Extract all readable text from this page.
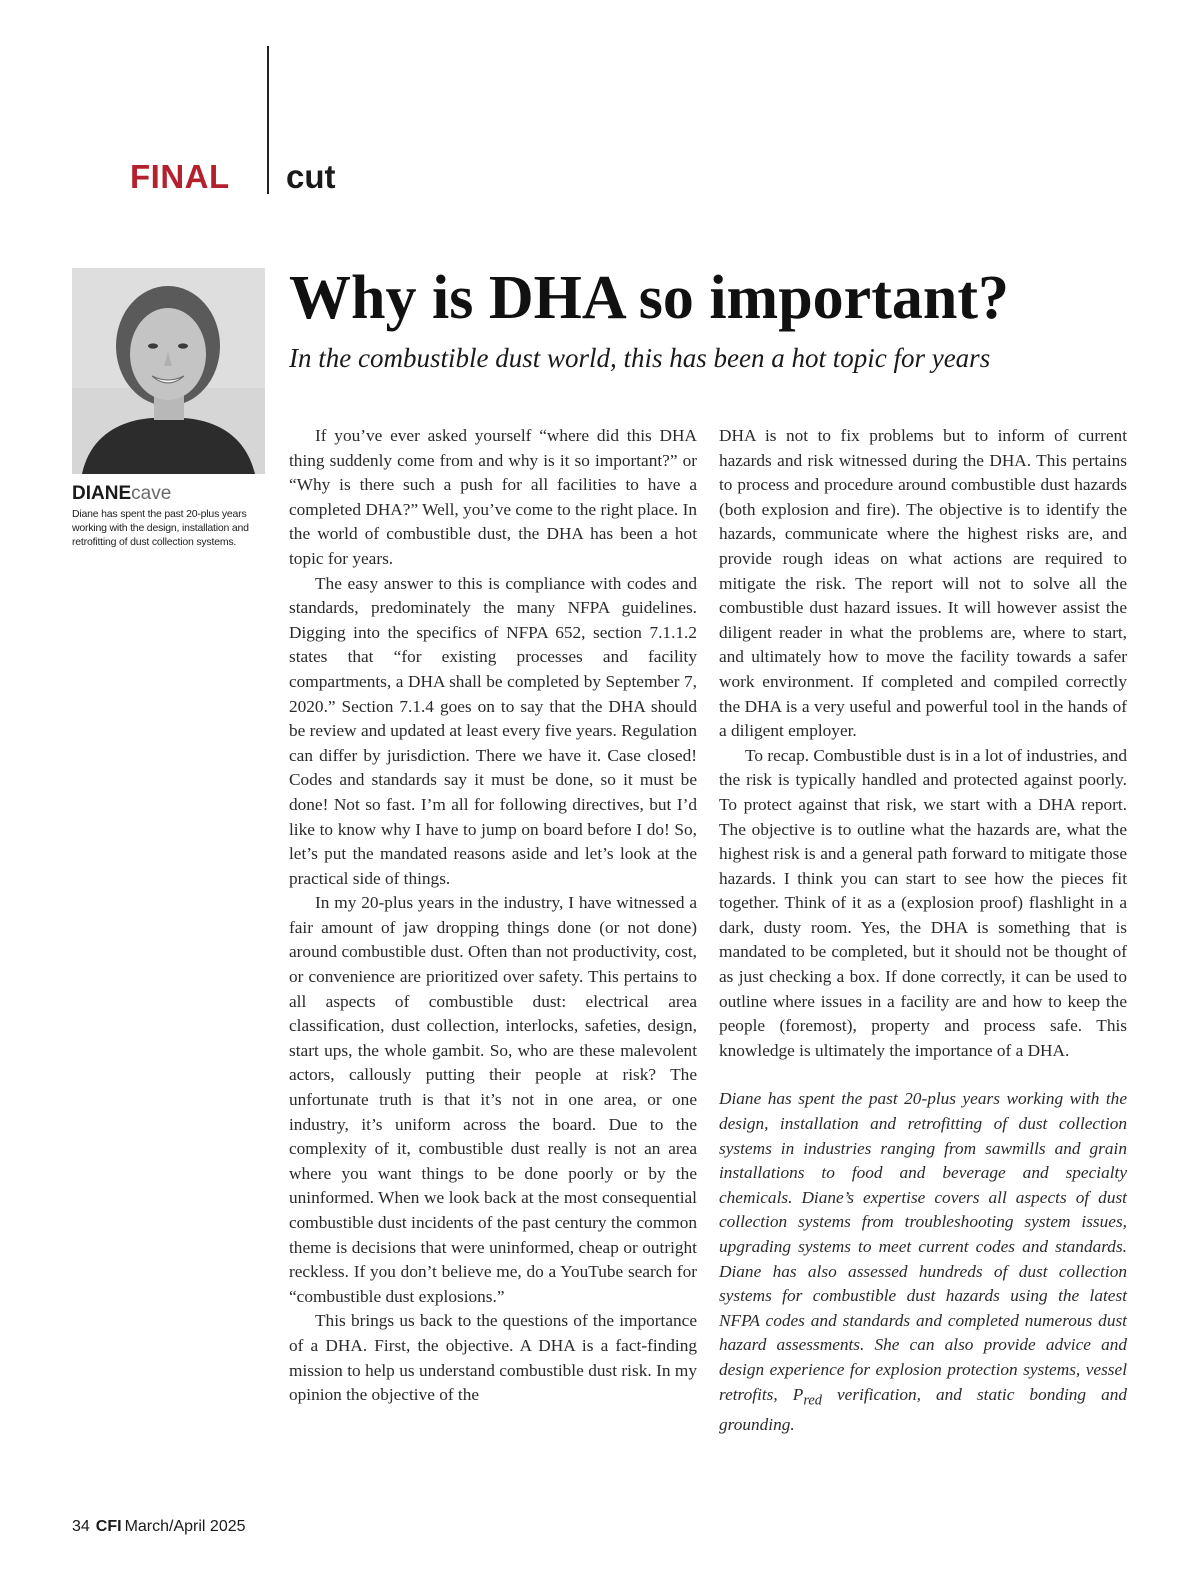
FINAL cut
DIANEcave
Diane has spent the past 20-plus years working with the design, installation and retrofitting of dust collection systems.
Why is DHA so important?
In the combustible dust world, this has been a hot topic for years

If you’ve ever asked yourself “where did this DHA thing suddenly come from and why is it so important?” or “Why is there such a push for all facilities to have a completed DHA?” Well, you’ve come to the right place. In the world of combustible dust, the DHA has been a hot topic for years.

The easy answer to this is compliance with codes and standards, predominately the many NFPA guidelines. Digging into the specifics of NFPA 652, section 7.1.1.2 states that “for existing processes and facility compartments, a DHA shall be completed by September 7, 2020.” Section 7.1.4 goes on to say that the DHA should be review and updated at least every five years. Regulation can differ by jurisdiction. There we have it. Case closed! Codes and standards say it must be done, so it must be done! Not so fast. I’m all for following directives, but I’d like to know why I have to jump on board before I do! So, let’s put the mandated reasons aside and let’s look at the practical side of things.

In my 20-plus years in the industry, I have witnessed a fair amount of jaw dropping things done (or not done) around combustible dust. Often than not productivity, cost, or convenience are prioritized over safety. This pertains to all aspects of combustible dust: electrical area classification, dust collection, interlocks, safeties, design, start ups, the whole gambit. So, who are these malevolent actors, callously putting their people at risk? The unfortunate truth is that it’s not in one area, or one industry, it’s uniform across the board. Due to the complexity of it, combustible dust really is not an area where you want things to be done poorly or by the uninformed. When we look back at the most consequential combustible dust incidents of the past century the common theme is decisions that were uninformed, cheap or outright reckless. If you don’t believe me, do a YouTube search for “combustible dust explosions.”

This brings us back to the questions of the importance of a DHA. First, the objective. A DHA is a fact-finding mission to help us understand combustible dust risk. In my opinion the objective of the

DHA is not to fix problems but to inform of current hazards and risk witnessed during the DHA. This pertains to process and procedure around combustible dust hazards (both explosion and fire). The objective is to identify the hazards, communicate where the highest risks are, and provide rough ideas on what actions are required to mitigate the risk. The report will not to solve all the combustible dust hazard issues. It will however assist the diligent reader in what the problems are, where to start, and ultimately how to move the facility towards a safer work environment. If completed and compiled correctly the DHA is a very useful and powerful tool in the hands of a diligent employer.

To recap. Combustible dust is in a lot of industries, and the risk is typically handled and protected against poorly. To protect against that risk, we start with a DHA report. The objective is to outline what the hazards are, what the highest risk is and a general path forward to mitigate those hazards. I think you can start to see how the pieces fit together. Think of it as a (explosion proof) flashlight in a dark, dusty room. Yes, the DHA is something that is mandated to be completed, but it should not be thought of as just checking a box. If done correctly, it can be used to outline where issues in a facility are and how to keep the people (foremost), property and process safe. This knowledge is ultimately the importance of a DHA.

Diane has spent the past 20-plus years working with the design, installation and retrofitting of dust collection systems in industries ranging from sawmills and grain installations to food and beverage and specialty chemicals. Diane’s expertise covers all aspects of dust collection systems from troubleshooting system issues, upgrading systems to meet current codes and standards. Diane has also assessed hundreds of dust collection systems for combustible dust hazards using the latest NFPA codes and standards and completed numerous dust hazard assessments. She can also provide advice and design experience for explosion protection systems, vessel retrofits, $P_{red}$ verification, and static bonding and grounding.

34 CFI March/April 2025
